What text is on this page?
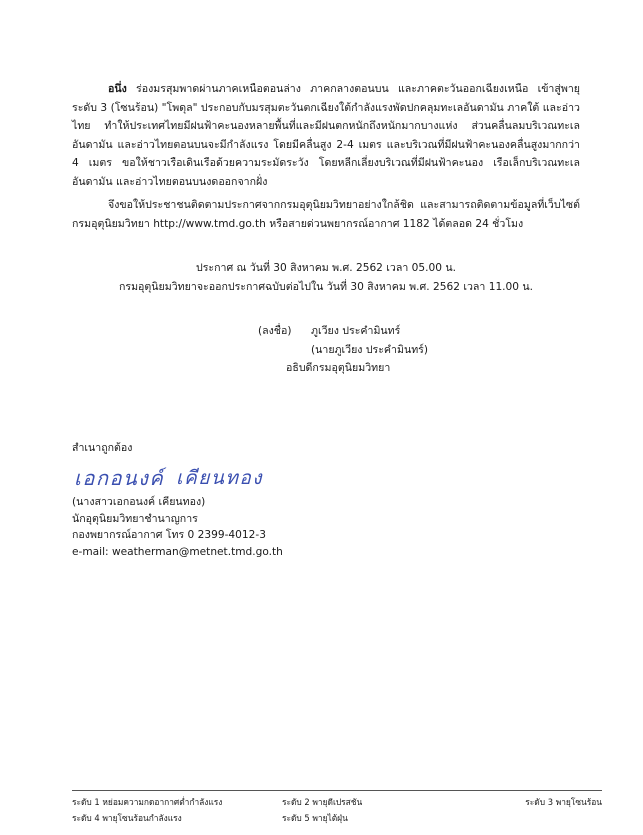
อนึ่ง ร่องมรสุมพาดผ่านภาคเหนือตอนล่าง ภาคกลางตอนบน และภาคตะวันออกเฉียงเหนือ เข้าสู่พายุระดับ 3 (โซนร้อน) "โพดุล" ประกอบกับมรสุมตะวันตกเฉียงใต้กำลังแรงพัดปกคลุมทะเลอันดามัน ภาคใต้ และอ่าวไทย ทำให้ประเทศไทยมีฝนฟ้าคะนองหลายพื้นที่และมีฝนตกหนักถึงหนักมากบางแห่ง ส่วนคลื่นลมบริเวณทะเลอันดามัน และอ่าวไทยตอนบนจะมีกำลังแรง โดยมีคลื่นสูง 2-4 เมตร และบริเวณที่มีฝนฟ้าคะนองคลื่นสูงมากกว่า 4 เมตร ขอให้ชาวเรือเดินเรือด้วยความระมัดระวัง โดยหลีกเลี่ยงบริเวณที่มีฝนฟ้าคะนอง เรือเล็กบริเวณทะเลอันดามัน และอ่าวไทยตอนบนงดออกจากฝั่ง

จึงขอให้ประชาชนติดตามประกาศจากกรมอุตุนิยมวิทยาอย่างใกล้ชิด และสามารถติดตามข้อมูลที่เว็บไซต์ กรมอุตุนิยมวิทยา http://www.tmd.go.th หรือสายด่วนพยากรณ์อากาศ 1182 ได้ตลอด 24 ชั่วโมง

ประกาศ ณ วันที่ 30 สิงหาคม พ.ศ. 2562 เวลา 05.00 น.

กรมอุตุนิยมวิทยาจะออกประกาศฉบับต่อไปใน วันที่ 30 สิงหาคม พ.ศ. 2562 เวลา 11.00 น.

(ลงชื่อ)	ภูเวียง ประคำมินทร์
(นายภูเวียง ประคำมินทร์)
อธิบดีกรมอุตุนิยมวิทยา
สำเนาถูกต้อง
เอกอนงค์ เคียนทอง
(นางสาวเอกอนงค์ เคียนทอง)
นักอุตุนิยมวิทยาชำนาญการ
กองพยากรณ์อากาศ โทร 0 2399-4012-3
e-mail: weatherman@metnet.tmd.go.th
ระดับ 1 หย่อมความกดอากาศต่ำกำลังแรง	ระดับ 2 พายุดีเปรสชัน	ระดับ 3 พายุโซนร้อน
ระดับ 4 พายุโซนร้อนกำลังแรง	ระดับ 5 พายุไต้ฝุ่น
